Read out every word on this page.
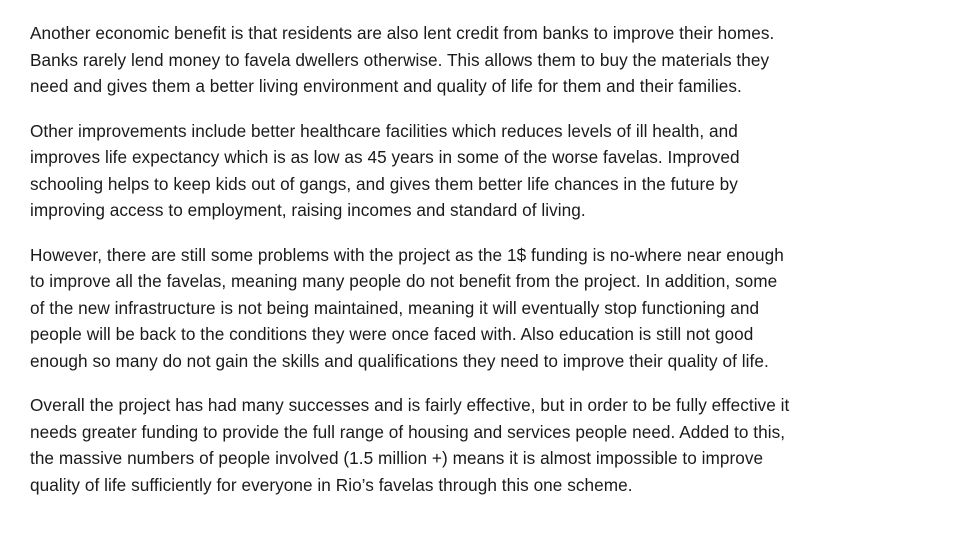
Another economic benefit is that residents are also lent credit from banks to improve their homes.
Banks rarely lend money to favela dwellers otherwise. This allows them to buy the materials they
need and gives them a better living environment and quality of life for them and their families.

Other improvements include better healthcare facilities which reduces levels of ill health, and
improves life expectancy which is as low as 45 years in some of the worse favelas. Improved
schooling helps to keep kids out of gangs, and gives them better life chances in the future by
improving access to employment, raising incomes and standard of living.

However, there are still some problems with the project as the 1$ funding is no-where near enough
to improve all the favelas, meaning many people do not benefit from the project. In addition, some
of the new infrastructure is not being maintained, meaning it will eventually stop functioning and
people will be back to the conditions they were once faced with. Also education is still not good
enough so many do not gain the skills and qualifications they need to improve their quality of life.

Overall the project has had many successes and is fairly effective, but in order to be fully effective it
needs greater funding to provide the full range of housing and services people need. Added to this,
the massive numbers of people involved (1.5 million +) means it is almost impossible to improve
quality of life sufficiently for everyone in Rio’s favelas through this one scheme.
